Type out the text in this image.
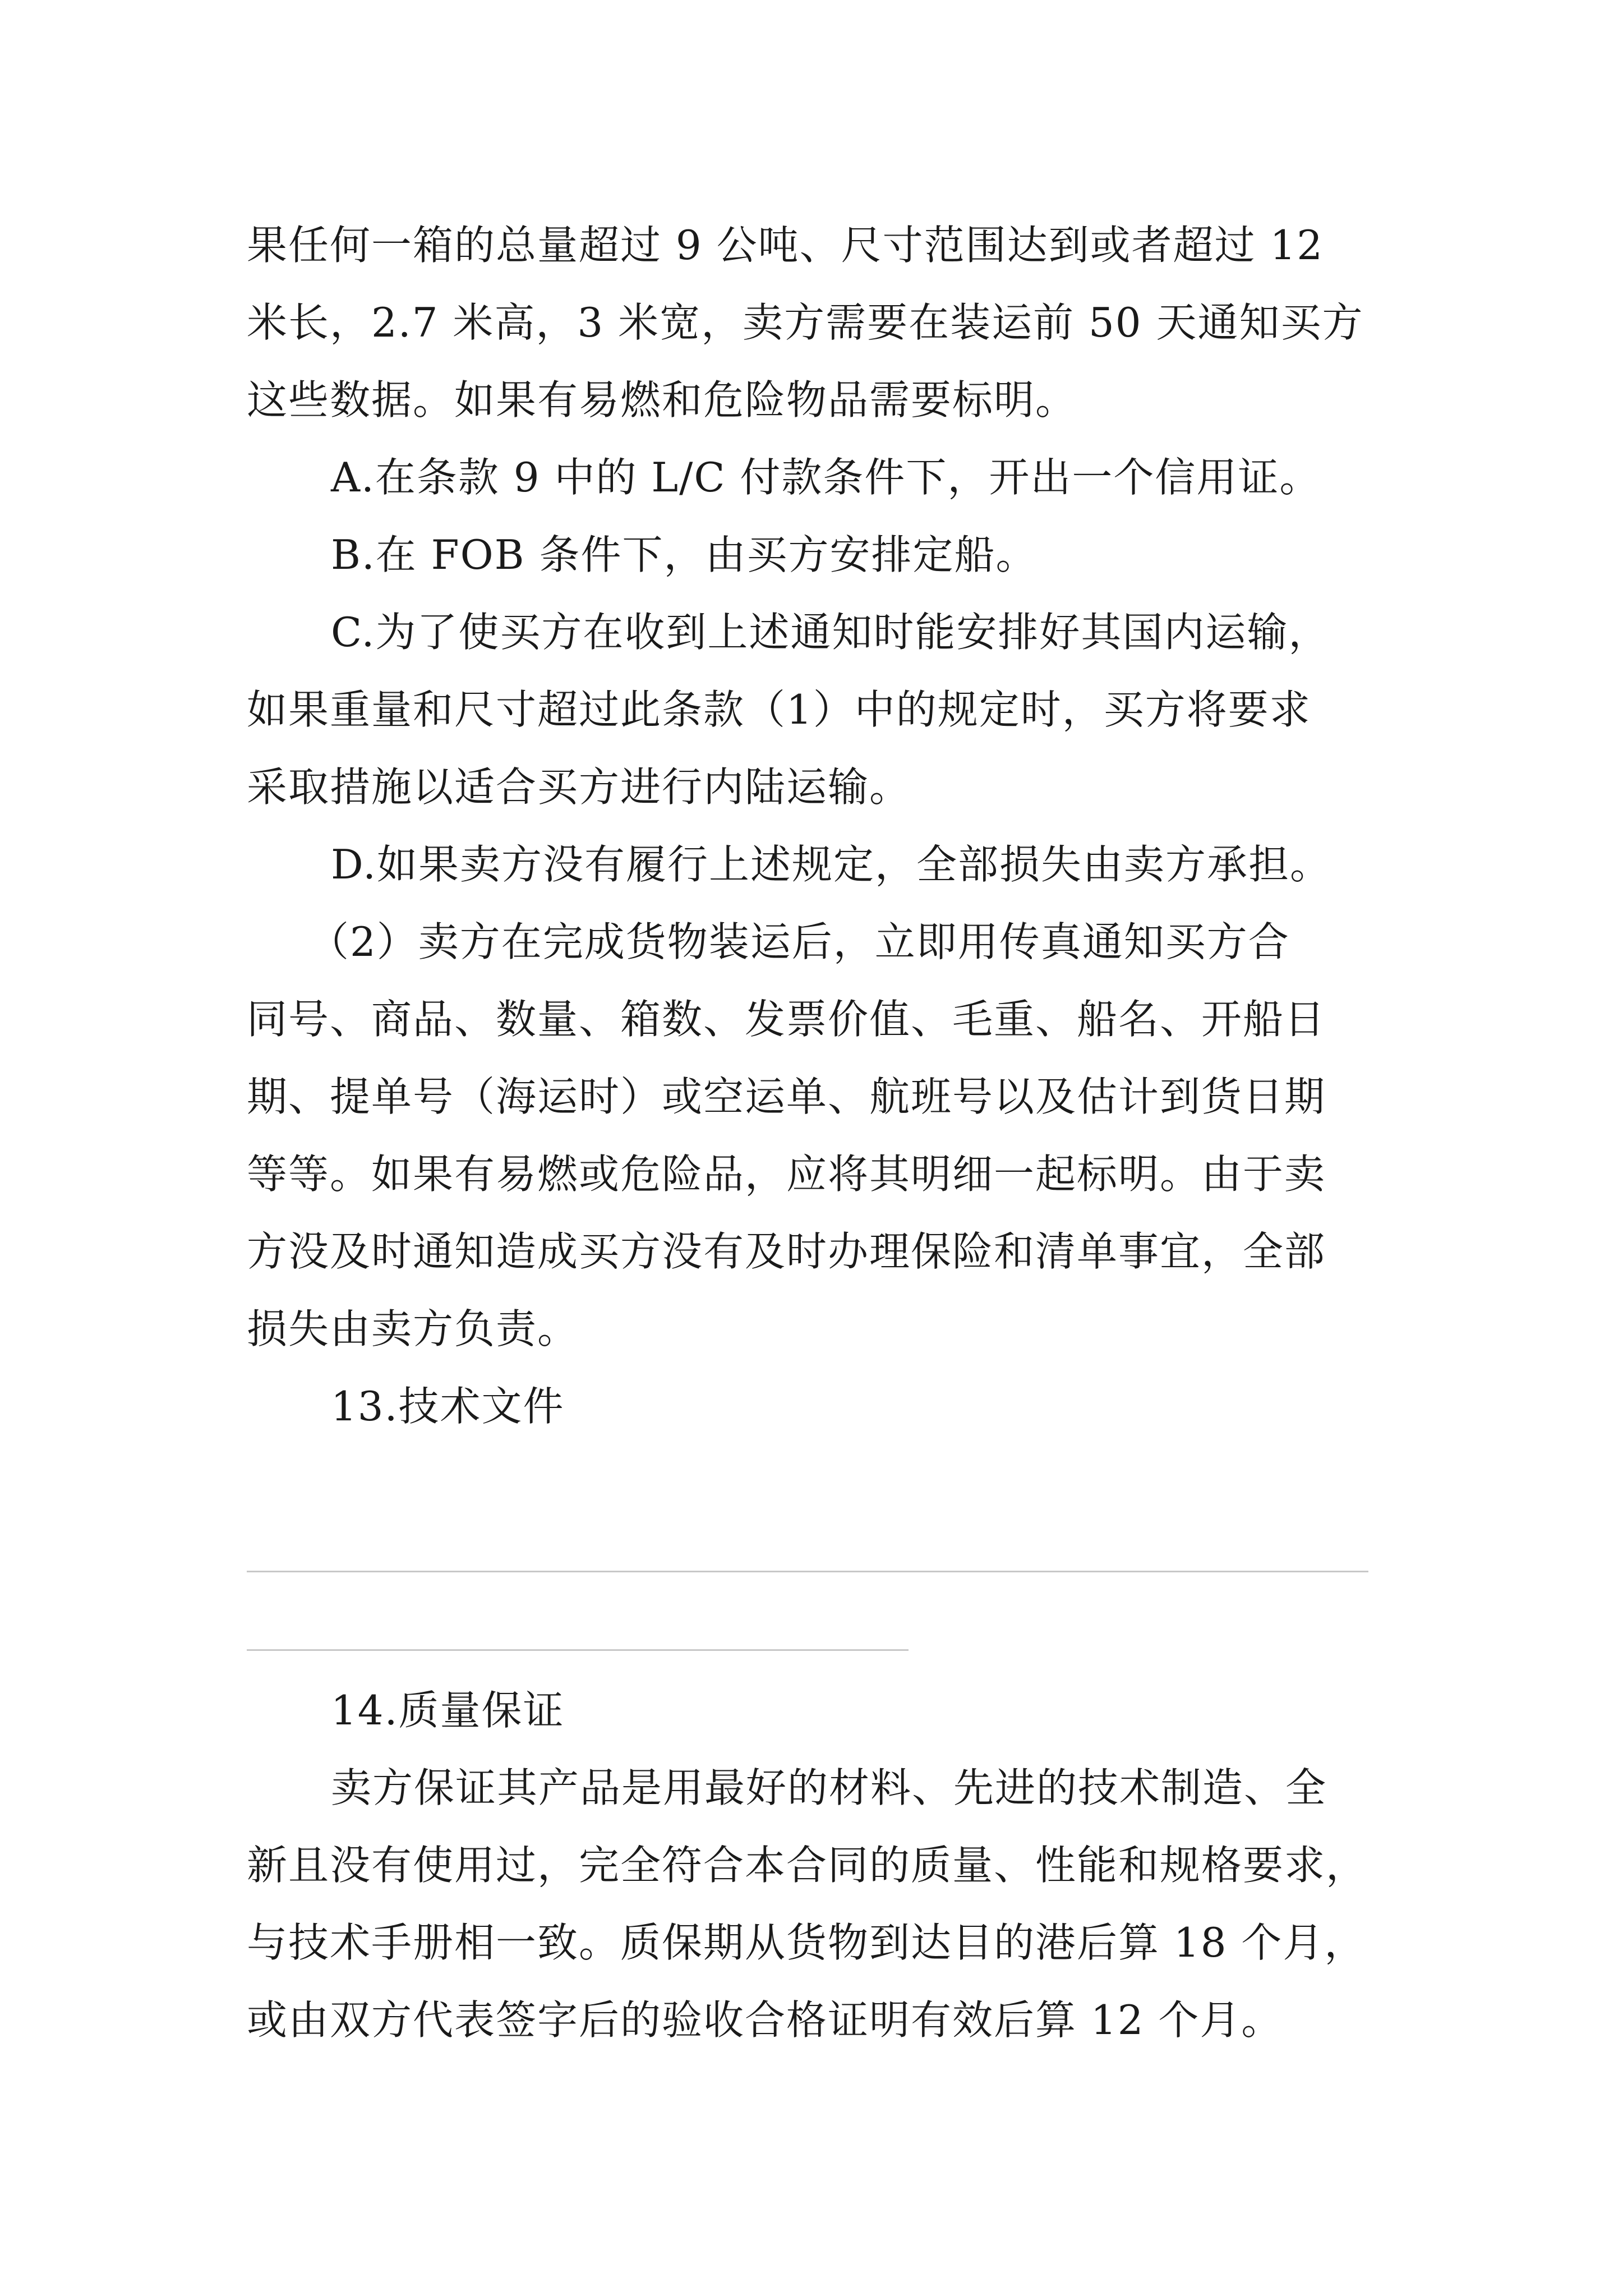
果任何一箱的总量超过 9 公吨、尺寸范围达到或者超过 12
米长，2.7 米高，3 米宽，卖方需要在装运前 50 天通知买方
这些数据。如果有易燃和危险物品需要标明。
A.在条款 9 中的 L/C 付款条件下，开出一个信用证。
B.在 FOB 条件下，由买方安排定船。
C.为了使买方在收到上述通知时能安排好其国内运输，
如果重量和尺寸超过此条款（1）中的规定时，买方将要求
采取措施以适合买方进行内陆运输。
D.如果卖方没有履行上述规定，全部损失由卖方承担。
（2）卖方在完成货物装运后，立即用传真通知买方合
同号、商品、数量、箱数、发票价值、毛重、船名、开船日
期、提单号（海运时）或空运单、航班号以及估计到货日期
等等。如果有易燃或危险品，应将其明细一起标明。由于卖
方没及时通知造成买方没有及时办理保险和清单事宜，全部
损失由卖方负责。
13.技术文件
14.质量保证
卖方保证其产品是用最好的材料、先进的技术制造、全
新且没有使用过，完全符合本合同的质量、性能和规格要求，
与技术手册相一致。质保期从货物到达目的港后算 18 个月，
或由双方代表签字后的验收合格证明有效后算 12 个月。
